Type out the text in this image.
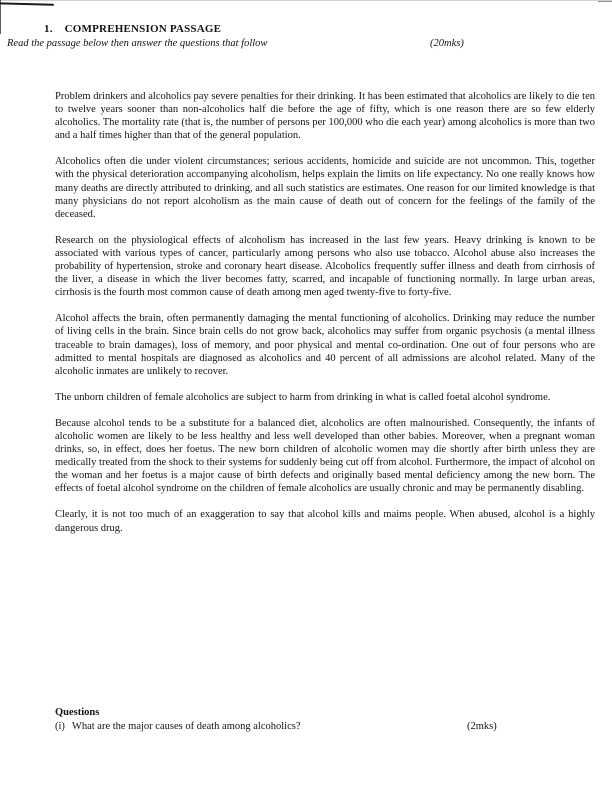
1. COMPREHENSION PASSAGE
Read the passage below then answer the questions that follow	(20mks)

Problem drinkers and alcoholics pay severe penalties for their drinking. It has been estimated that alcoholics are likely to die ten to twelve years sooner than non-alcoholics half die before the age of fifty, which is one reason there are so few elderly alcoholics. The mortality rate (that is, the number of persons per 100,000 who die each year) among alcoholics is more than two and a half times higher than that of the general population.

Alcoholics often die under violent circumstances; serious accidents, homicide and suicide are not uncommon. This, together with the physical deterioration accompanying alcoholism, helps explain the limits on life expectancy. No one really knows how many deaths are directly attributed to drinking, and all such statistics are estimates. One reason for our limited knowledge is that many physicians do not report alcoholism as the main cause of death out of concern for the feelings of the family of the deceased.

Research on the physiological effects of alcoholism has increased in the last few years. Heavy drinking is known to be associated with various types of cancer, particularly among persons who also use tobacco. Alcohol abuse also increases the probability of hypertension, stroke and coronary heart disease. Alcoholics frequently suffer illness and death from cirrhosis of the liver, a disease in which the liver becomes fatty, scarred, and incapable of functioning normally. In large urban areas, cirrhosis is the fourth most common cause of death among men aged twenty-five to forty-five.

Alcohol affects the brain, often permanently damaging the mental functioning of alcoholics. Drinking may reduce the number of living cells in the brain. Since brain cells do not grow back, alcoholics may suffer from organic psychosis (a mental illness traceable to brain damages), loss of memory, and poor physical and mental co-ordination. One out of four persons who are admitted to mental hospitals are diagnosed as alcoholics and 40 percent of all admissions are alcohol related. Many of the alcoholic inmates are unlikely to recover.

The unborn children of female alcoholics are subject to harm from drinking in what is called foetal alcohol syndrome.

Because alcohol tends to be a substitute for a balanced diet, alcoholics are often malnourished. Consequently, the infants of alcoholic women are likely to be less healthy and less well developed than other babies. Moreover, when a pregnant woman drinks, so, in effect, does her foetus. The new born children of alcoholic women may die shortly after birth unless they are medically treated from the shock to their systems for suddenly being cut off from alcohol. Furthermore, the impact of alcohol on the woman and her foetus is a major cause of birth defects and originally based mental deficiency among the new born. The effects of foetal alcohol syndrome on the children of female alcoholics are usually chronic and may be permanently disabling.

Clearly, it is not too much of an exaggeration to say that alcohol kills and maims people. When abused, alcohol is a highly dangerous drug.

Questions
(i) What are the major causes of death among alcoholics?	(2mks)
